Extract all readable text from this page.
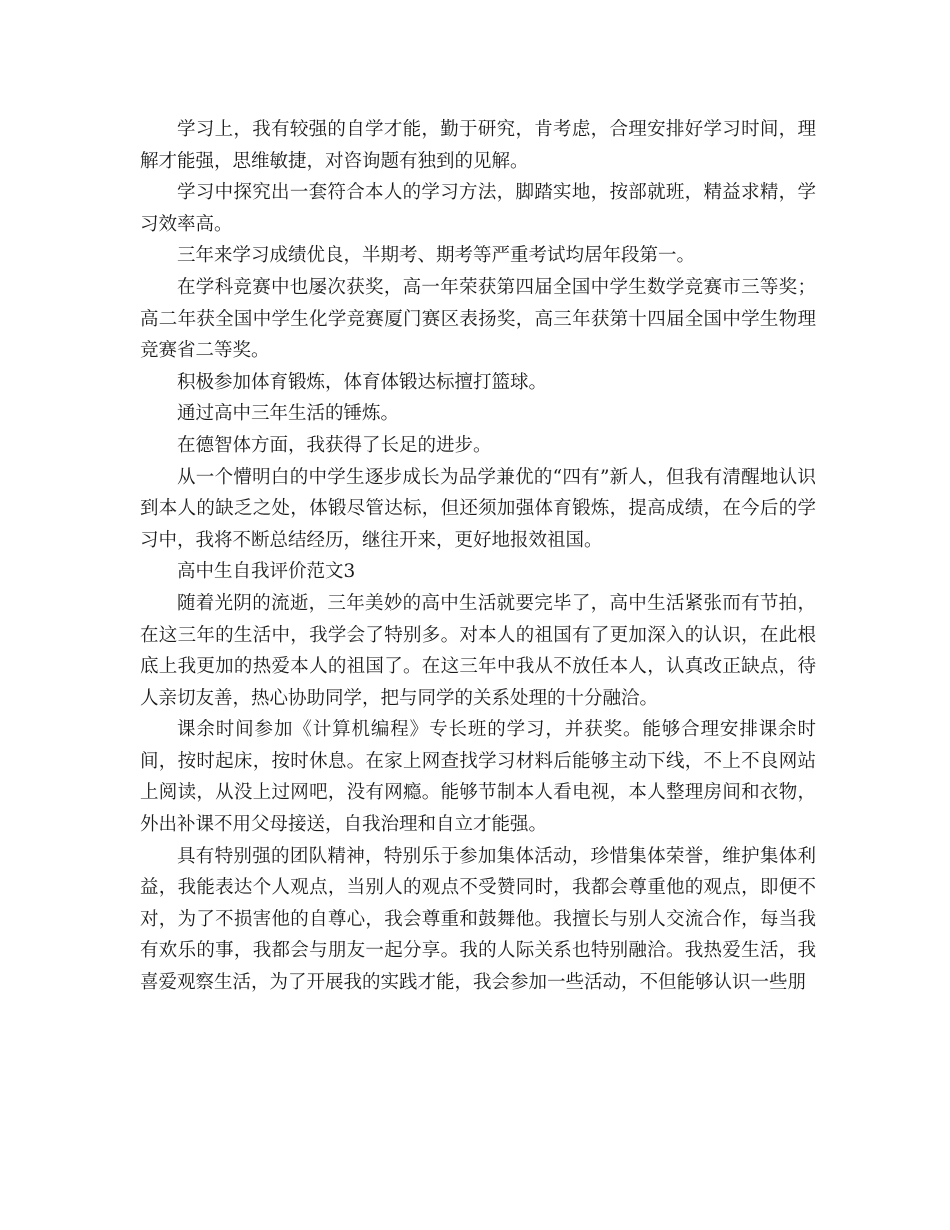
学习上，我有较强的自学才能，勤于研究，肯考虑，合理安排好学习时间，理解才能强，思维敏捷，对咨询题有独到的见解。

学习中探究出一套符合本人的学习方法，脚踏实地，按部就班，精益求精，学习效率高。

三年来学习成绩优良，半期考、期考等严重考试均居年段第一。

在学科竞赛中也屡次获奖，高一年荣获第四届全国中学生数学竞赛市三等奖；高二年获全国中学生化学竞赛厦门赛区表扬奖，高三年获第十四届全国中学生物理竞赛省二等奖。

积极参加体育锻炼，体育体锻达标擅打篮球。

通过高中三年生活的锤炼。

在德智体方面，我获得了长足的进步。

从一个懵明白的中学生逐步成长为品学兼优的“四有”新人，但我有清醒地认识到本人的缺乏之处，体锻尽管达标，但还须加强体育锻炼，提高成绩，在今后的学习中，我将不断总结经历，继往开来，更好地报效祖国。

高中生自我评价范文3

随着光阴的流逝，三年美妙的高中生活就要完毕了，高中生活紧张而有节拍，在这三年的生活中，我学会了特别多。对本人的祖国有了更加深入的认识，在此根底上我更加的热爱本人的祖国了。在这三年中我从不放任本人，认真改正缺点，待人亲切友善，热心协助同学，把与同学的关系处理的十分融洽。

课余时间参加《计算机编程》专长班的学习，并获奖。能够合理安排课余时间，按时起床，按时休息。在家上网查找学习材料后能够主动下线，不上不良网站上阅读，从没上过网吧，没有网瘾。能够节制本人看电视，本人整理房间和衣物，外出补课不用父母接送，自我治理和自立才能强。

具有特别强的团队精神，特别乐于参加集体活动，珍惜集体荣誉，维护集体利益，我能表达个人观点，当别人的观点不受赞同时，我都会尊重他的观点，即便不对，为了不损害他的自尊心，我会尊重和鼓舞他。我擅长与别人交流合作，每当我有欢乐的事，我都会与朋友一起分享。我的人际关系也特别融洽。我热爱生活，我喜爱观察生活，为了开展我的实践才能，我会参加一些活动，不但能够认识一些朋
